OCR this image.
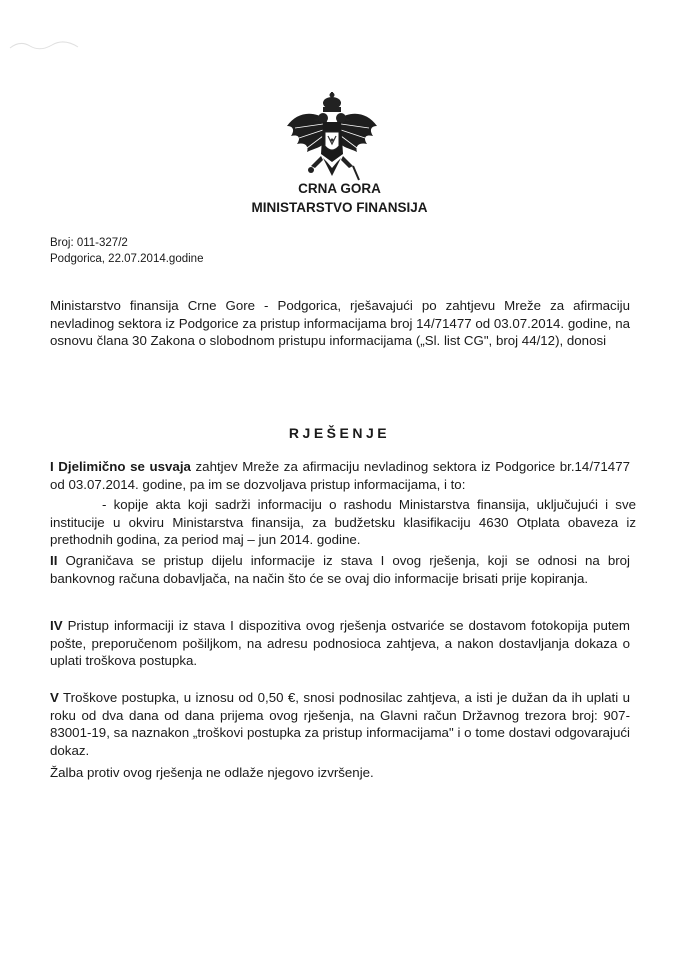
CRNA GORA
MINISTARSTVO FINANSIJA
Broj: 011-327/2
Podgorica, 22.07.2014.godine
Ministarstvo finansija Crne Gore - Podgorica, rješavajući po zahtjevu Mreže za afirmaciju nevladinog sektora iz Podgorice za pristup informacijama broj 14/71477 od 03.07.2014. godine, na osnovu člana 30 Zakona o slobodnom pristupu informacijama („Sl. list CG", broj 44/12), donosi
RJEŠENJE
I Djelimično se usvaja zahtjev Mreže za afirmaciju nevladinog sektora iz Podgorice br.14/71477 od 03.07.2014. godine, pa im se dozvoljava pristup informacijama, i to:
- kopije akta koji sadrži informaciju o rashodu Ministarstva finansija, uključujući i sve institucije u okviru Ministarstva finansija, za budžetsku klasifikaciju 4630 Otplata obaveza iz prethodnih godina, za period maj – jun 2014. godine.
II Ograničava se pristup dijelu informacije iz stava I ovog rješenja, koji se odnosi na broj bankovnog računa dobavljača, na način što će se ovaj dio informacije brisati prije kopiranja.
IV Pristup informaciji iz stava I dispozitiva ovog rješenja ostvariće se dostavom fotokopija putem pošte, preporučenom pošiljkom, na adresu podnosioca zahtjeva, a nakon dostavljanja dokaza o uplati troškova postupka.
V Troškove postupka, u iznosu od 0,50 €, snosi podnosilac zahtjeva, a isti je dužan da ih uplati u roku od dva dana od dana prijema ovog rješenja, na Glavni račun Državnog trezora broj: 907-83001-19, sa naznakon „troškovi postupka za pristup informacijama" i o tome dostavi odgovarajući dokaz.
Žalba protiv ovog rješenja ne odlaže njegovo izvršenje.
